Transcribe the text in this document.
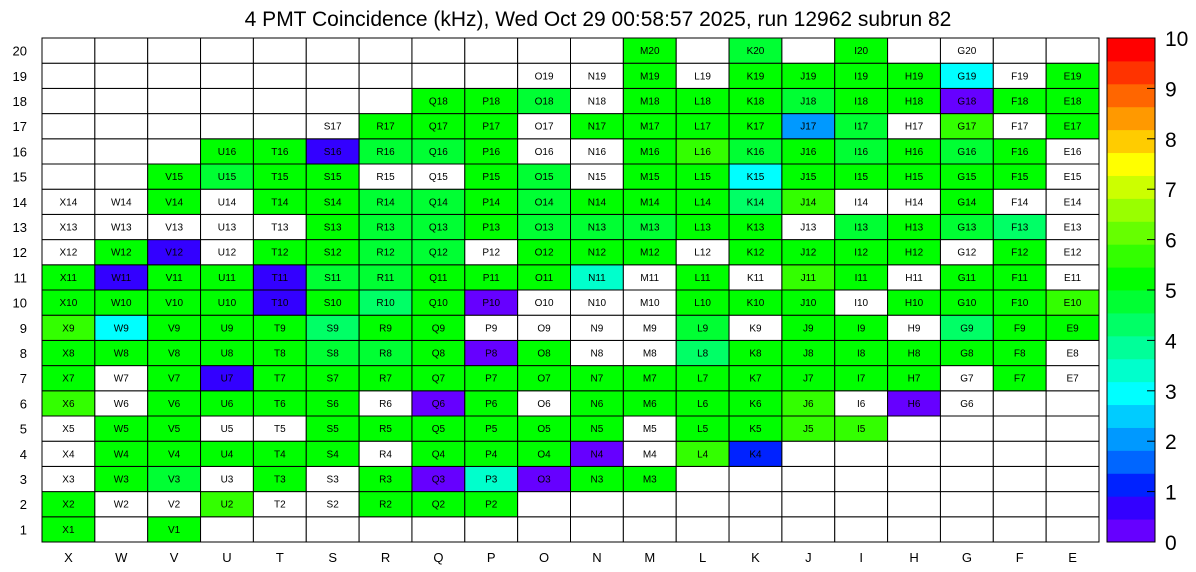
4 PMT Coincidence (kHz), Wed Oct 29 00:58:57 2025, run 12962 subrun 82
X1	V1
X2	W2	V2	U2	T2	S2	R2	Q2	P2
X3	W3	V3	U3	T3	S3	R3	Q3	P3	O3	N3	M3
X4	W4	V4	U4	T4	S4	R4	Q4	P4	O4	N4	M4	L4	K4
X5	W5	V5	U5	T5	S5	R5	Q5	P5	O5	N5	M5	L5	K5	J5	I5
X6	W6	V6	U6	T6	S6	R6	Q6	P6	O6	N6	M6	L6	K6	J6	I6	H6	G6
X7	W7	V7	U7	T7	S7	R7	Q7	P7	O7	N7	M7	L7	K7	J7	I7	H7	G7	F7	E7
X8	W8	V8	U8	T8	S8	R8	Q8	P8	O8	N8	M8	L8	K8	J8	I8	H8	G8	F8	E8
X9	W9	V9	U9	T9	S9	R9	Q9	P9	O9	N9	M9	L9	K9	J9	I9	H9	G9	F9	E9
X10	W10	V10	U10	T10	S10	R10	Q10	P10	O10	N10	M10	L10	K10	J10	I10	H10	G10	F10	E10
X11	W11	V11	U11	T11	S11	R11	Q11	P11	O11	N11	M11	L11	K11	J11	I11	H11	G11	F11	E11
X12	W12	V12	U12	T12	S12	R12	Q12	P12	O12	N12	M12	L12	K12	J12	I12	H12	G12	F12	E12
X13	W13	V13	U13	T13	S13	R13	Q13	P13	O13	N13	M13	L13	K13	J13	I13	H13	G13	F13	E13
X14	W14	V14	U14	T14	S14	R14	Q14	P14	O14	N14	M14	L14	K14	J14	I14	H14	G14	F14	E14
V15	U15	T15	S15	R15	Q15	P15	O15	N15	M15	L15	K15	J15	I15	H15	G15	F15	E15
U16	T16	S16	R16	Q16	P16	O16	N16	M16	L16	K16	J16	I16	H16	G16	F16	E16
S17	R17	Q17	P17	O17	N17	M17	L17	K17	J17	I17	H17	G17	F17	E17
Q18	P18	O18	N18	M18	L18	K18	J18	I18	H18	G18	F18	E18
O19	N19	M19	L19	K19	J19	I19	H19	G19	F19	E19
M20	K20	I20	G20
X	W	V	U	T	S	R	Q	P	O	N	M	L	K	J	I	H	G	F	E
1
2
3
4
5
6
7
8
9
10
11
12
13
14
15
16
17
18
19
20
0
1
2
3
4
5
6
7
8
9
10
